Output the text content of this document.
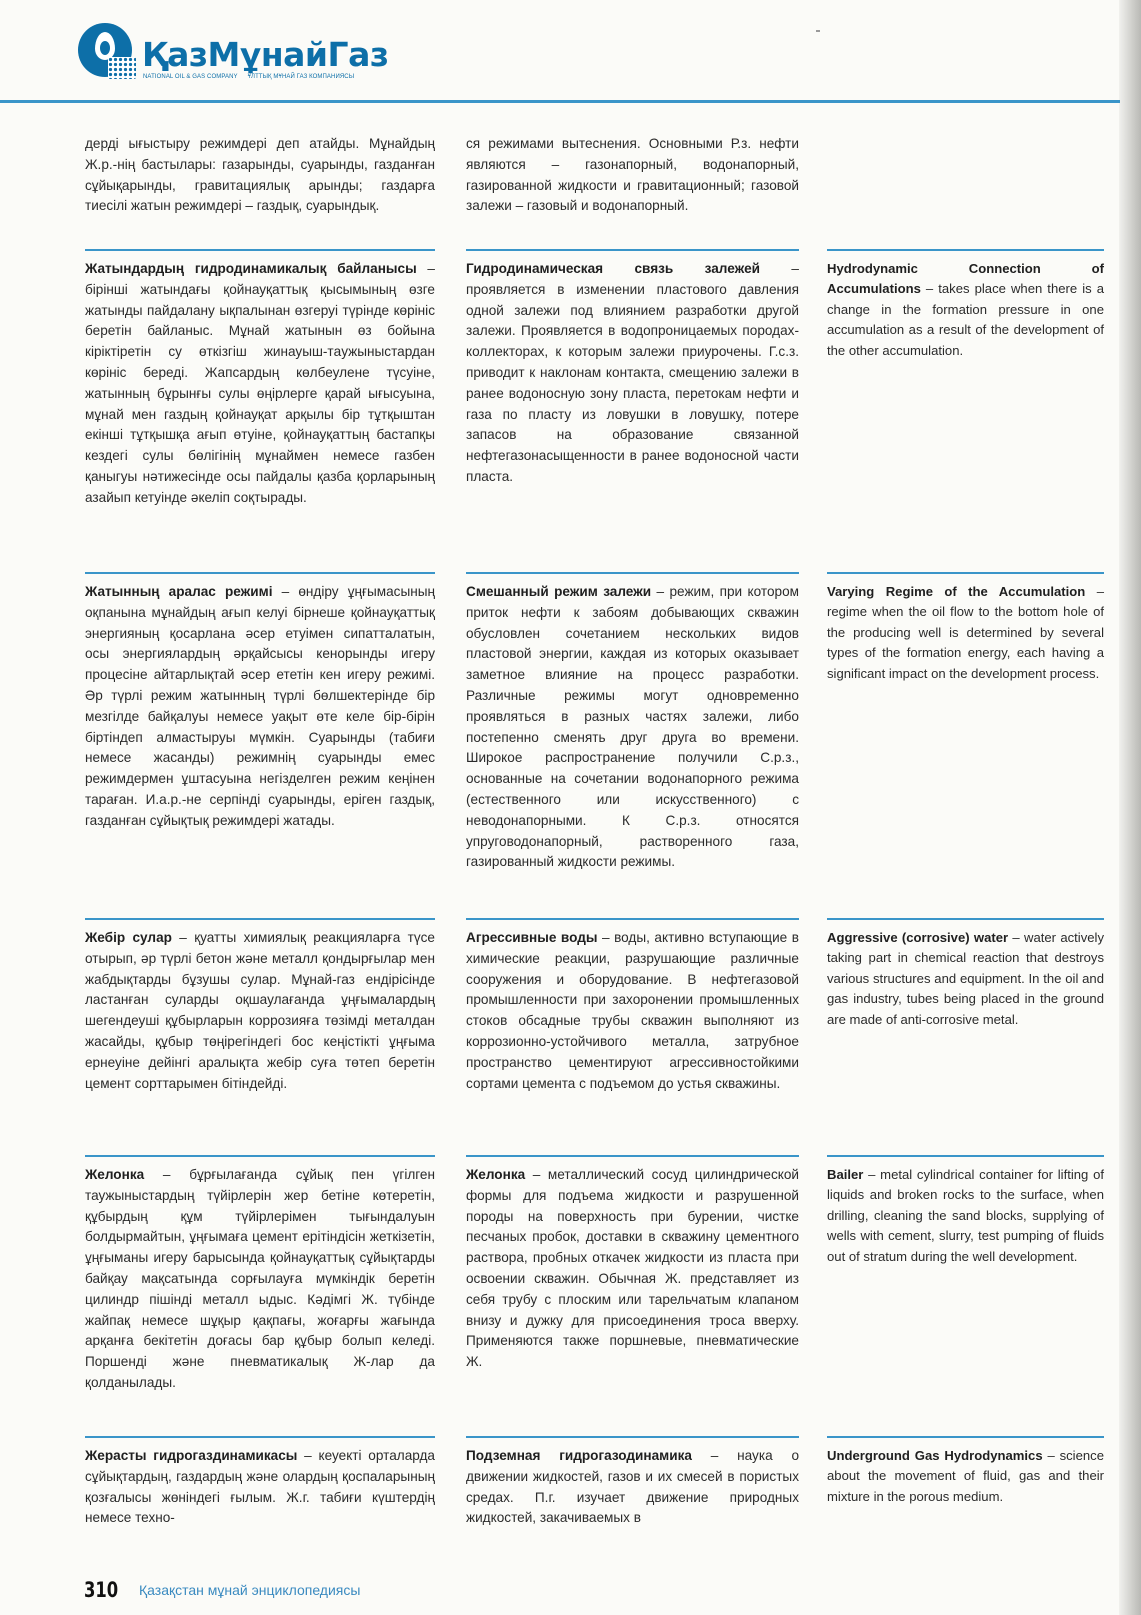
ҚазМұнайГаз
NATIONAL OIL & GAS COMPANY ҰЛТТЫҚ МҰНАЙ ГАЗ КОМПАНИЯСЫ
дерді ығыстыру режимдері деп атайды. Мұнайдың Ж.р.-нің бастылары: газарынды, суарынды, газданған сұйықарынды, гравитациялық арынды; газдарға тиесілі жатын режимдері – газдық, суарындық.
ся режимами вытеснения. Основными Р.з. нефти являются – газонапорный, водонапорный, газированной жидкости и гравитационный; газовой залежи – газовый и водонапорный.
Жатындардың гидродинамикалық байланысы – бірінші жатындағы қойнауқаттық қысымының өзге жатынды пайдалану ықпалынан өзгеруі түрінде көрініс беретін байланыс. Мұнай жатынын өз бойына кіріктіретін су өткізгіш жинауыш-тaужыныстардан көрініс береді. Жапсардың көлбеулене түсуіне, жатынның бұрынғы сулы өңірлерге қарай ығысуына, мұнай мен газдың қойнауқат арқылы бір тұтқыштан екінші тұтқышқа ағып өтуіне, қойнауқаттың бастапқы кездегі сулы бөлігінің мұнаймен немесе газбен қаныгуы нәтижесінде осы пайдалы қазба қорларының азайып кетуінде әкеліп соқтырады.
Гидродинамическая связь залежей – проявляется в изменении пластового давления одной залежи под влиянием разработки другой залежи. Проявляется в водопроницаемых породах-коллекторах, к которым залежи приурочены. Г.с.з. приводит к наклонам контакта, смещению залежи в ранее водоносную зону пласта, перетокам нефти и газа по пласту из ловушки в ловушку, потере запасов на образование связанной нефтегазонасыщенности в ранее водоносной части пласта.
Hydrodynamic Connection of Accumulations – takes place when there is a change in the formation pressure in one accumulation as a result of the development of the other accumulation.
Жатынның аралас режимі – өндіру ұңғымасының оқпанына мұнайдың ағып келуі бірнеше қойнауқаттық энергияның қосарлана әсер етуімен сипатталатын, осы энергиялардың әрқайсысы кенорынды игеру процесіне айтарлықтай әсер ететін кен игеру режимі. Әр түрлі режим жатынның түрлі бөлшектерінде бір мезгілде байқалуы немесе уақыт өте келе бір-бірін біртіндеп алмастыруы мүмкін. Суарынды (табиғи немесе жасанды) режимнің суарынды емес режимдермен ұштасуына негізделген режим кеңінен тараған. И.а.р.-не серпінді суарынды, еріген газдық, газданған сұйықтық режимдері жатады.
Смешанный режим залежи – режим, при котором приток нефти к забоям добывающих скважин обусловлен сочетанием нескольких видов пластовой энергии, каждая из которых оказывает заметное влияние на процесс разработки. Различные режимы могут одновременно проявляться в разных частях залежи, либо постепенно сменять друг друга во времени. Широкое распространение получили С.р.з., основанные на сочетании водонапорного режима (естественного или искусственного) с неводонапорными. К С.р.з. относятся упруговодонапорный, растворенного газа, газированный жидкости режимы.
Varying Regime of the Accumulation – regime when the oil flow to the bottom hole of the producing well is determined by several types of the formation energy, each having a significant impact on the development process.
Жебір сулар – қуатты химиялық реакцияларға түсе отырып, әр түрлі бетон және металл қондырғылар мен жабдықтарды бұзушы сулар. Мұнай-газ ендірісінде ластанған суларды оқшаулағанда ұңғымалардың шегендеуші құбырларын коррозияға төзімді металдан жасайды, құбыр төңірегіндегі бос кеңістікті ұңғыма ернеуіне дейінгі аралықта жебір суға төтеп беретін цемент сорттарымен бітіндейді.
Агрессивные воды – воды, активно вступающие в химические реакции, разрушающие различные сооружения и оборудование. В нефтегазовой промышленности при захоронении промышленных стоков обсадные трубы скважин выполняют из коррозионно-устойчивого металла, затрубное пространство цементируют агрессивностойкими сортами цемента с подъемом до устья скважины.
Aggressive (corrosive) water – water actively taking part in chemical reaction that destroys various structures and equipment. In the oil and gas industry, tubes being placed in the ground are made of anti-corrosive metal.
Желонка – бұрғылағанда сұйық пен үгілген таужыныстардың түйірлерін жер бетіне көтеретін, құбырдың құм түйірлерімен тығындалуын болдырмайтын, ұңғымаға цемент ерітіндісін жеткізетін, ұңғыманы игеру барысында қойнауқаттық сұйықтарды байқау мақсатында сорғылауға мүмкіндік беретін цилиндр пішінді металл ыдыс. Кәдімгі Ж. түбінде жайпақ немесе шұқыр қақпағы, жоғарғы жағында арқанға бекітетін доғасы бар құбыр болып келеді. Поршенді және пневматикалық Ж-лар да қолданылады.
Желонка – металлический сосуд цилиндрической формы для подъема жидкости и разрушенной породы на поверхность при бурении, чистке песчаных пробок, доставки в скважину цементного раствора, пробных откачек жидкости из пласта при освоении скважин. Обычная Ж. представляет из себя трубу с плоским или тарельчатым клапаном внизу и дужку для присоединения троса вверху. Применяются также поршневые, пневматические Ж.
Bailer – metal cylindrical container for lifting of liquids and broken rocks to the surface, when drilling, cleaning the sand blocks, supplying of wells with cement, slurry, test pumping of fluids out of stratum during the well development.
Жерасты гидрогаздинамикасы – кеуекті орталарда сұйықтардың, газдардың және олардың қоспаларының қозғалысы жөніндегі ғылым. Ж.г. табиғи күштердің немесе техно-
Подземная гидрогазодинамика – наука о движении жидкостей, газов и их смесей в пористых средах. П.г. изучает движение природных жидкостей, закачиваемых в
Underground Gas Hydrodynamics – science about the movement of fluid, gas and their mixture in the porous medium.
310 Қазақстан мұнай энциклопедиясы
